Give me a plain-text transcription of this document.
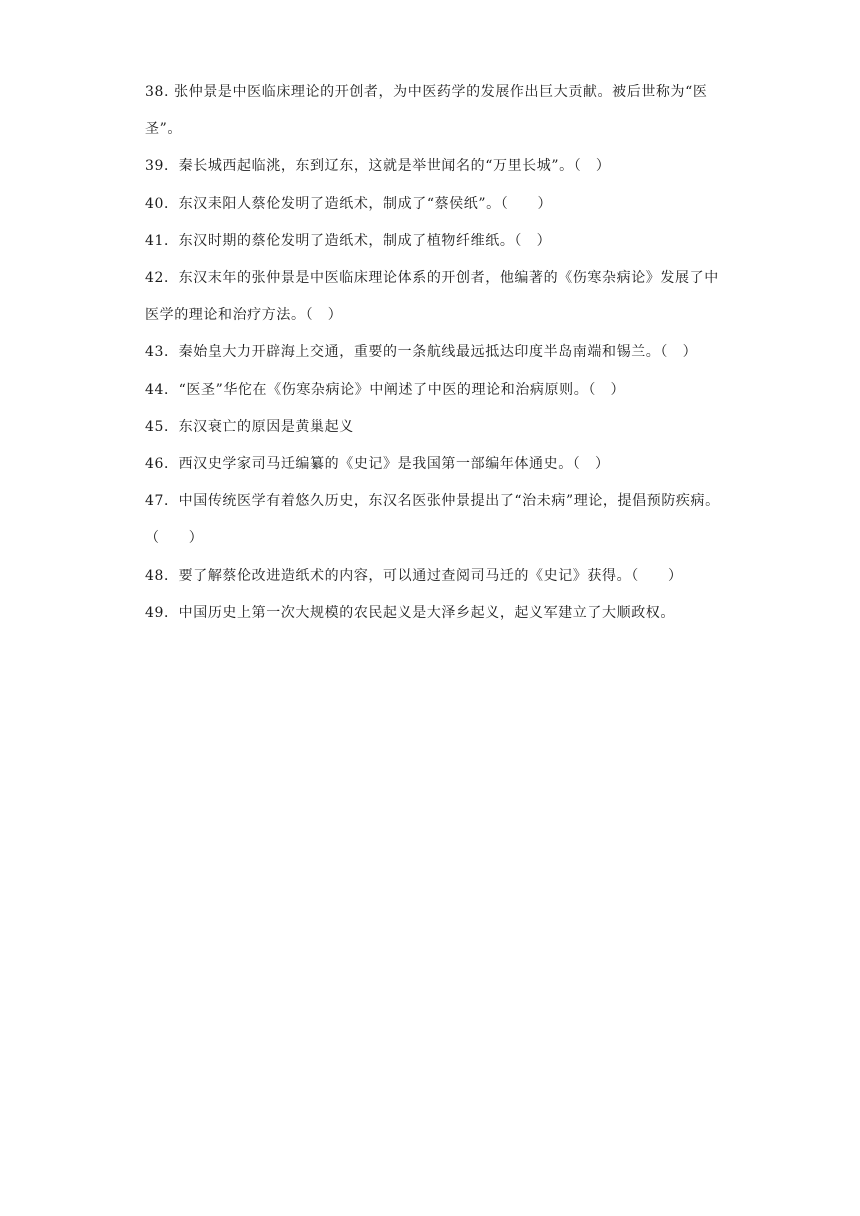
38. 张仲景是中医临床理论的开创者，为中医药学的发展作出巨大贡献。被后世称为“医圣”。
39．秦长城西起临洮，东到辽东，这就是举世闻名的“万里长城”。（　）
40．东汉耒阳人蔡伦发明了造纸术，制成了“蔡侯纸”。（　　）
41．东汉时期的蔡伦发明了造纸术，制成了植物纤维纸。（　）
42．东汉末年的张仲景是中医临床理论体系的开创者，他编著的《伤寒杂病论》发展了中医学的理论和治疗方法。（　）
43．秦始皇大力开辟海上交通，重要的一条航线最远抵达印度半岛南端和锡兰。（　）
44．“医圣”华佗在《伤寒杂病论》中阐述了中医的理论和治病原则。（　）
45．东汉衰亡的原因是黄巢起义
46．西汉史学家司马迁编纂的《史记》是我国第一部编年体通史。（　）
47．中国传统医学有着悠久历史，东汉名医张仲景提出了“治未病”理论，提倡预防疾病。（　　）
48．要了解蔡伦改进造纸术的内容，可以通过查阅司马迁的《史记》获得。（　　）
49．中国历史上第一次大规模的农民起义是大泽乡起义，起义军建立了大顺政权。
